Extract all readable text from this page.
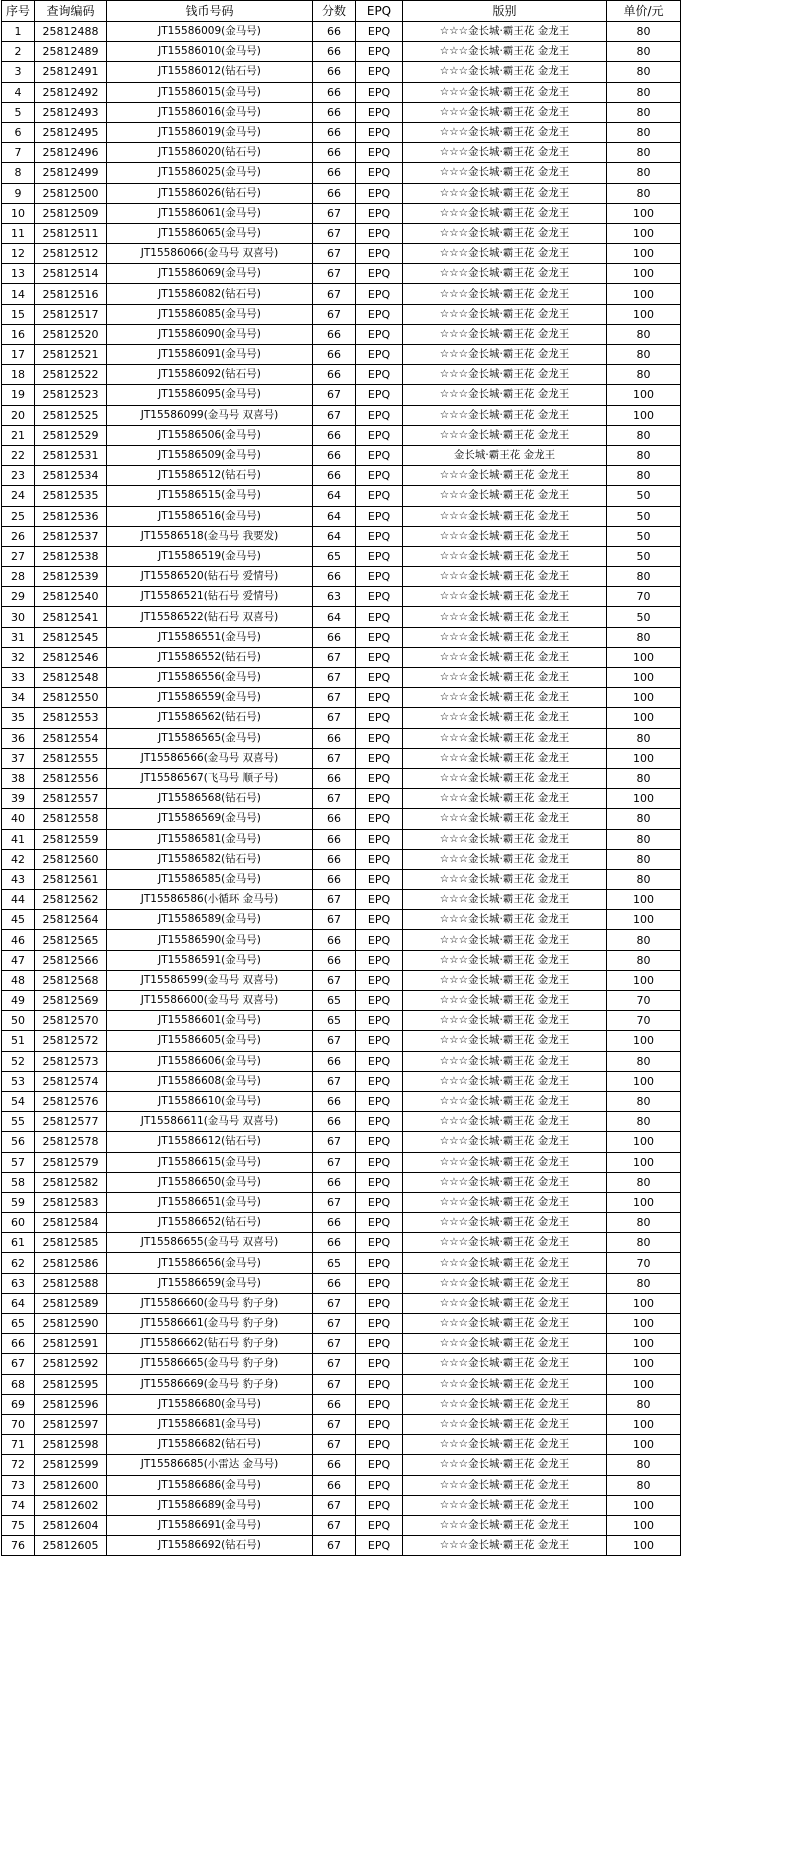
序号	查询编码	钱币号码	分数	EPQ	版别	单价/元
1	25812488	JT15586009(金马号)	66	EPQ	☆☆☆金长城·霸王花 金龙王	80
2	25812489	JT15586010(金马号)	66	EPQ	☆☆☆金长城·霸王花 金龙王	80
3	25812491	JT15586012(钻石号)	66	EPQ	☆☆☆金长城·霸王花 金龙王	80
4	25812492	JT15586015(金马号)	66	EPQ	☆☆☆金长城·霸王花 金龙王	80
5	25812493	JT15586016(金马号)	66	EPQ	☆☆☆金长城·霸王花 金龙王	80
6	25812495	JT15586019(金马号)	66	EPQ	☆☆☆金长城·霸王花 金龙王	80
7	25812496	JT15586020(钻石号)	66	EPQ	☆☆☆金长城·霸王花 金龙王	80
8	25812499	JT15586025(金马号)	66	EPQ	☆☆☆金长城·霸王花 金龙王	80
9	25812500	JT15586026(钻石号)	66	EPQ	☆☆☆金长城·霸王花 金龙王	80
10	25812509	JT15586061(金马号)	67	EPQ	☆☆☆金长城·霸王花 金龙王	100
11	25812511	JT15586065(金马号)	67	EPQ	☆☆☆金长城·霸王花 金龙王	100
12	25812512	JT15586066(金马号 双喜号)	67	EPQ	☆☆☆金长城·霸王花 金龙王	100
13	25812514	JT15586069(金马号)	67	EPQ	☆☆☆金长城·霸王花 金龙王	100
14	25812516	JT15586082(钻石号)	67	EPQ	☆☆☆金长城·霸王花 金龙王	100
15	25812517	JT15586085(金马号)	67	EPQ	☆☆☆金长城·霸王花 金龙王	100
16	25812520	JT15586090(金马号)	66	EPQ	☆☆☆金长城·霸王花 金龙王	80
17	25812521	JT15586091(金马号)	66	EPQ	☆☆☆金长城·霸王花 金龙王	80
18	25812522	JT15586092(钻石号)	66	EPQ	☆☆☆金长城·霸王花 金龙王	80
19	25812523	JT15586095(金马号)	67	EPQ	☆☆☆金长城·霸王花 金龙王	100
20	25812525	JT15586099(金马号 双喜号)	67	EPQ	☆☆☆金长城·霸王花 金龙王	100
21	25812529	JT15586506(金马号)	66	EPQ	☆☆☆金长城·霸王花 金龙王	80
22	25812531	JT15586509(金马号)	66	EPQ	金长城·霸王花 金龙王	80
23	25812534	JT15586512(钻石号)	66	EPQ	☆☆☆金长城·霸王花 金龙王	80
24	25812535	JT15586515(金马号)	64	EPQ	☆☆☆金长城·霸王花 金龙王	50
25	25812536	JT15586516(金马号)	64	EPQ	☆☆☆金长城·霸王花 金龙王	50
26	25812537	JT15586518(金马号 我要发)	64	EPQ	☆☆☆金长城·霸王花 金龙王	50
27	25812538	JT15586519(金马号)	65	EPQ	☆☆☆金长城·霸王花 金龙王	50
28	25812539	JT15586520(钻石号 爱情号)	66	EPQ	☆☆☆金长城·霸王花 金龙王	80
29	25812540	JT15586521(钻石号 爱情号)	63	EPQ	☆☆☆金长城·霸王花 金龙王	70
30	25812541	JT15586522(钻石号 双喜号)	64	EPQ	☆☆☆金长城·霸王花 金龙王	50
31	25812545	JT15586551(金马号)	66	EPQ	☆☆☆金长城·霸王花 金龙王	80
32	25812546	JT15586552(钻石号)	67	EPQ	☆☆☆金长城·霸王花 金龙王	100
33	25812548	JT15586556(金马号)	67	EPQ	☆☆☆金长城·霸王花 金龙王	100
34	25812550	JT15586559(金马号)	67	EPQ	☆☆☆金长城·霸王花 金龙王	100
35	25812553	JT15586562(钻石号)	67	EPQ	☆☆☆金长城·霸王花 金龙王	100
36	25812554	JT15586565(金马号)	66	EPQ	☆☆☆金长城·霸王花 金龙王	80
37	25812555	JT15586566(金马号 双喜号)	67	EPQ	☆☆☆金长城·霸王花 金龙王	100
38	25812556	JT15586567(飞马号 顺子号)	66	EPQ	☆☆☆金长城·霸王花 金龙王	80
39	25812557	JT15586568(钻石号)	67	EPQ	☆☆☆金长城·霸王花 金龙王	100
40	25812558	JT15586569(金马号)	66	EPQ	☆☆☆金长城·霸王花 金龙王	80
41	25812559	JT15586581(金马号)	66	EPQ	☆☆☆金长城·霸王花 金龙王	80
42	25812560	JT15586582(钻石号)	66	EPQ	☆☆☆金长城·霸王花 金龙王	80
43	25812561	JT15586585(金马号)	66	EPQ	☆☆☆金长城·霸王花 金龙王	80
44	25812562	JT15586586(小循环 金马号)	67	EPQ	☆☆☆金长城·霸王花 金龙王	100
45	25812564	JT15586589(金马号)	67	EPQ	☆☆☆金长城·霸王花 金龙王	100
46	25812565	JT15586590(金马号)	66	EPQ	☆☆☆金长城·霸王花 金龙王	80
47	25812566	JT15586591(金马号)	66	EPQ	☆☆☆金长城·霸王花 金龙王	80
48	25812568	JT15586599(金马号 双喜号)	67	EPQ	☆☆☆金长城·霸王花 金龙王	100
49	25812569	JT15586600(金马号 双喜号)	65	EPQ	☆☆☆金长城·霸王花 金龙王	70
50	25812570	JT15586601(金马号)	65	EPQ	☆☆☆金长城·霸王花 金龙王	70
51	25812572	JT15586605(金马号)	67	EPQ	☆☆☆金长城·霸王花 金龙王	100
52	25812573	JT15586606(金马号)	66	EPQ	☆☆☆金长城·霸王花 金龙王	80
53	25812574	JT15586608(金马号)	67	EPQ	☆☆☆金长城·霸王花 金龙王	100
54	25812576	JT15586610(金马号)	66	EPQ	☆☆☆金长城·霸王花 金龙王	80
55	25812577	JT15586611(金马号 双喜号)	66	EPQ	☆☆☆金长城·霸王花 金龙王	80
56	25812578	JT15586612(钻石号)	67	EPQ	☆☆☆金长城·霸王花 金龙王	100
57	25812579	JT15586615(金马号)	67	EPQ	☆☆☆金长城·霸王花 金龙王	100
58	25812582	JT15586650(金马号)	66	EPQ	☆☆☆金长城·霸王花 金龙王	80
59	25812583	JT15586651(金马号)	67	EPQ	☆☆☆金长城·霸王花 金龙王	100
60	25812584	JT15586652(钻石号)	66	EPQ	☆☆☆金长城·霸王花 金龙王	80
61	25812585	JT15586655(金马号 双喜号)	66	EPQ	☆☆☆金长城·霸王花 金龙王	80
62	25812586	JT15586656(金马号)	65	EPQ	☆☆☆金长城·霸王花 金龙王	70
63	25812588	JT15586659(金马号)	66	EPQ	☆☆☆金长城·霸王花 金龙王	80
64	25812589	JT15586660(金马号 豹子身)	67	EPQ	☆☆☆金长城·霸王花 金龙王	100
65	25812590	JT15586661(金马号 豹子身)	67	EPQ	☆☆☆金长城·霸王花 金龙王	100
66	25812591	JT15586662(钻石号 豹子身)	67	EPQ	☆☆☆金长城·霸王花 金龙王	100
67	25812592	JT15586665(金马号 豹子身)	67	EPQ	☆☆☆金长城·霸王花 金龙王	100
68	25812595	JT15586669(金马号 豹子身)	67	EPQ	☆☆☆金长城·霸王花 金龙王	100
69	25812596	JT15586680(金马号)	66	EPQ	☆☆☆金长城·霸王花 金龙王	80
70	25812597	JT15586681(金马号)	67	EPQ	☆☆☆金长城·霸王花 金龙王	100
71	25812598	JT15586682(钻石号)	67	EPQ	☆☆☆金长城·霸王花 金龙王	100
72	25812599	JT15586685(小雷达 金马号)	66	EPQ	☆☆☆金长城·霸王花 金龙王	80
73	25812600	JT15586686(金马号)	66	EPQ	☆☆☆金长城·霸王花 金龙王	80
74	25812602	JT15586689(金马号)	67	EPQ	☆☆☆金长城·霸王花 金龙王	100
75	25812604	JT15586691(金马号)	67	EPQ	☆☆☆金长城·霸王花 金龙王	100
76	25812605	JT15586692(钻石号)	67	EPQ	☆☆☆金长城·霸王花 金龙王	100
